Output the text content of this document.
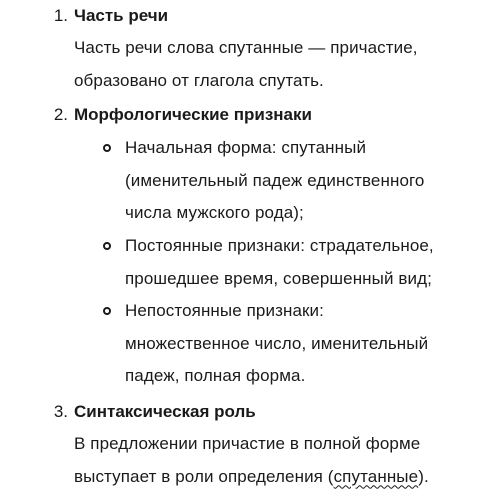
1. Часть речи
Часть речи слова спутанные — причастие,
образовано от глагола спутать.
2. Морфологические признаки
Начальная форма: спутанный
(именительный падеж единственного
числа мужского рода);
Постоянные признаки: страдательное,
прошедшее время, совершенный вид;
Непостоянные признаки:
множественное число, именительный
падеж, полная форма.
3. Синтаксическая роль
В предложении причастие в полной форме
выступает в роли определения (спутанные).
